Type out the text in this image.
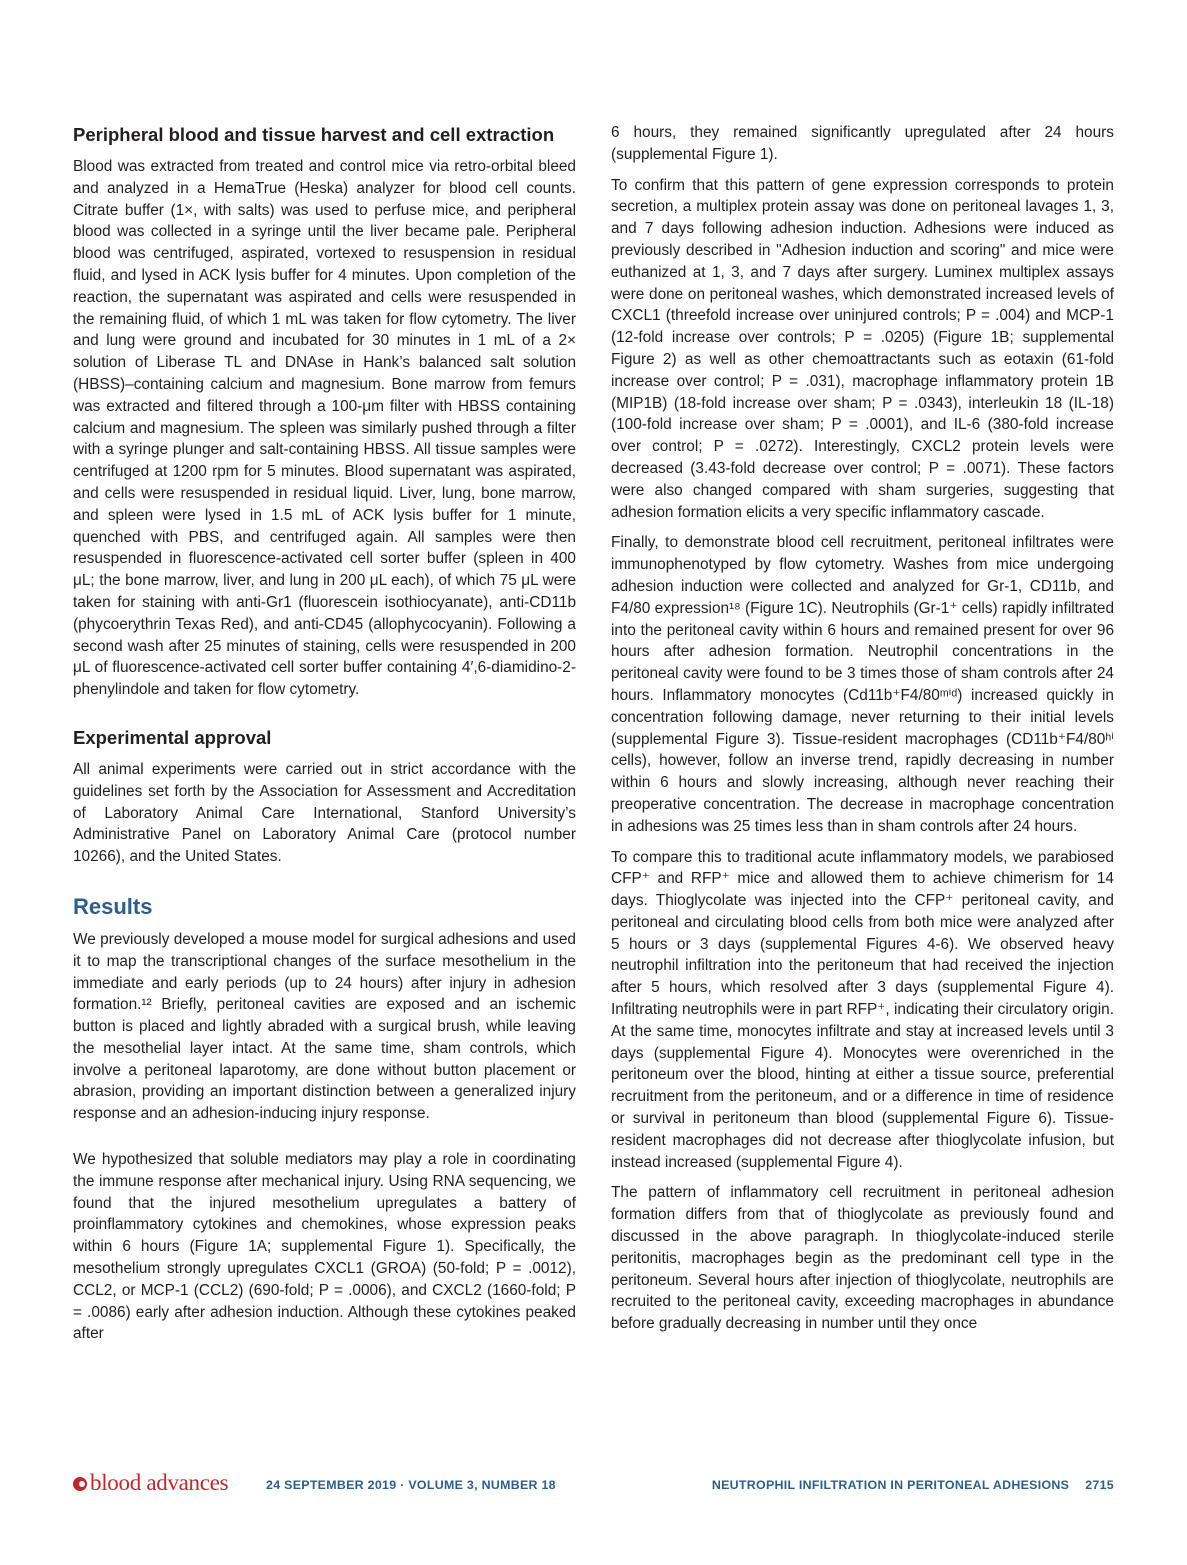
Peripheral blood and tissue harvest and cell extraction

Blood was extracted from treated and control mice via retro-orbital bleed and analyzed in a HemaTrue (Heska) analyzer for blood cell counts. Citrate buffer (1×, with salts) was used to perfuse mice, and peripheral blood was collected in a syringe until the liver became pale. Peripheral blood was centrifuged, aspirated, vortexed to resuspension in residual fluid, and lysed in ACK lysis buffer for 4 minutes. Upon completion of the reaction, the supernatant was aspirated and cells were resuspended in the remaining fluid, of which 1 mL was taken for flow cytometry. The liver and lung were ground and incubated for 30 minutes in 1 mL of a 2× solution of Liberase TL and DNAse in Hank’s balanced salt solution (HBSS)–containing calcium and magnesium. Bone marrow from femurs was extracted and filtered through a 100-μm filter with HBSS containing calcium and magnesium. The spleen was similarly pushed through a filter with a syringe plunger and salt-containing HBSS. All tissue samples were centrifuged at 1200 rpm for 5 minutes. Blood supernatant was aspirated, and cells were resuspended in residual liquid. Liver, lung, bone marrow, and spleen were lysed in 1.5 mL of ACK lysis buffer for 1 minute, quenched with PBS, and centrifuged again. All samples were then resuspended in fluorescence-activated cell sorter buffer (spleen in 400 μL; the bone marrow, liver, and lung in 200 μL each), of which 75 μL were taken for staining with anti-Gr1 (fluorescein isothiocyanate), anti-CD11b (phycoerythrin Texas Red), and anti-CD45 (allophycocyanin). Following a second wash after 25 minutes of staining, cells were resuspended in 200 μL of fluorescence-activated cell sorter buffer containing 4′,6-diamidino-2-phenylindole and taken for flow cytometry.

Experimental approval

All animal experiments were carried out in strict accordance with the guidelines set forth by the Association for Assessment and Accreditation of Laboratory Animal Care International, Stanford University’s Administrative Panel on Laboratory Animal Care (protocol number 10266), and the United States.

Results

We previously developed a mouse model for surgical adhesions and used it to map the transcriptional changes of the surface mesothelium in the immediate and early periods (up to 24 hours) after injury in adhesion formation.¹² Briefly, peritoneal cavities are exposed and an ischemic button is placed and lightly abraded with a surgical brush, while leaving the mesothelial layer intact. At the same time, sham controls, which involve a peritoneal laparotomy, are done without button placement or abrasion, providing an important distinction between a generalized injury response and an adhesion-inducing injury response.

We hypothesized that soluble mediators may play a role in coordinating the immune response after mechanical injury. Using RNA sequencing, we found that the injured mesothelium upregulates a battery of proinflammatory cytokines and chemokines, whose expression peaks within 6 hours (Figure 1A; supplemental Figure 1). Specifically, the mesothelium strongly upregulates CXCL1 (GROA) (50-fold; P = .0012), CCL2, or MCP-1 (CCL2) (690-fold; P = .0006), and CXCL2 (1660-fold; P = .0086) early after adhesion induction. Although these cytokines peaked after

6 hours, they remained significantly upregulated after 24 hours (supplemental Figure 1).

To confirm that this pattern of gene expression corresponds to protein secretion, a multiplex protein assay was done on peritoneal lavages 1, 3, and 7 days following adhesion induction. Adhesions were induced as previously described in "Adhesion induction and scoring" and mice were euthanized at 1, 3, and 7 days after surgery. Luminex multiplex assays were done on peritoneal washes, which demonstrated increased levels of CXCL1 (threefold increase over uninjured controls; P = .004) and MCP-1 (12-fold increase over controls; P = .0205) (Figure 1B; supplemental Figure 2) as well as other chemoattractants such as eotaxin (61-fold increase over control; P = .031), macrophage inflammatory protein 1B (MIP1B) (18-fold increase over sham; P = .0343), interleukin 18 (IL-18) (100-fold increase over sham; P = .0001), and IL-6 (380-fold increase over control; P = .0272). Interestingly, CXCL2 protein levels were decreased (3.43-fold decrease over control; P = .0071). These factors were also changed compared with sham surgeries, suggesting that adhesion formation elicits a very specific inflammatory cascade.

Finally, to demonstrate blood cell recruitment, peritoneal infiltrates were immunophenotyped by flow cytometry. Washes from mice undergoing adhesion induction were collected and analyzed for Gr-1, CD11b, and F4/80 expression¹⁸ (Figure 1C). Neutrophils (Gr-1⁺ cells) rapidly infiltrated into the peritoneal cavity within 6 hours and remained present for over 96 hours after adhesion formation. Neutrophil concentrations in the peritoneal cavity were found to be 3 times those of sham controls after 24 hours. Inflammatory monocytes (Cd11b⁺F4/80ᵐⁱᵈ) increased quickly in concentration following damage, never returning to their initial levels (supplemental Figure 3). Tissue-resident macrophages (CD11b⁺F4/80ʰⁱ cells), however, follow an inverse trend, rapidly decreasing in number within 6 hours and slowly increasing, although never reaching their preoperative concentration. The decrease in macrophage concentration in adhesions was 25 times less than in sham controls after 24 hours.

To compare this to traditional acute inflammatory models, we parabiosed CFP⁺ and RFP⁺ mice and allowed them to achieve chimerism for 14 days. Thioglycolate was injected into the CFP⁺ peritoneal cavity, and peritoneal and circulating blood cells from both mice were analyzed after 5 hours or 3 days (supplemental Figures 4-6). We observed heavy neutrophil infiltration into the peritoneum that had received the injection after 5 hours, which resolved after 3 days (supplemental Figure 4). Infiltrating neutrophils were in part RFP⁺, indicating their circulatory origin. At the same time, monocytes infiltrate and stay at increased levels until 3 days (supplemental Figure 4). Monocytes were overenriched in the peritoneum over the blood, hinting at either a tissue source, preferential recruitment from the peritoneum, and or a difference in time of residence or survival in peritoneum than blood (supplemental Figure 6). Tissue-resident macrophages did not decrease after thioglycolate infusion, but instead increased (supplemental Figure 4).

The pattern of inflammatory cell recruitment in peritoneal adhesion formation differs from that of thioglycolate as previously found and discussed in the above paragraph. In thioglycolate-induced sterile peritonitis, macrophages begin as the predominant cell type in the peritoneum. Several hours after injection of thioglycolate, neutrophils are recruited to the peritoneal cavity, exceeding macrophages in abundance before gradually decreasing in number until they once

blood advances	24 SEPTEMBER 2019 · VOLUME 3, NUMBER 18	NEUTROPHIL INFILTRATION IN PERITONEAL ADHESIONS 2715
